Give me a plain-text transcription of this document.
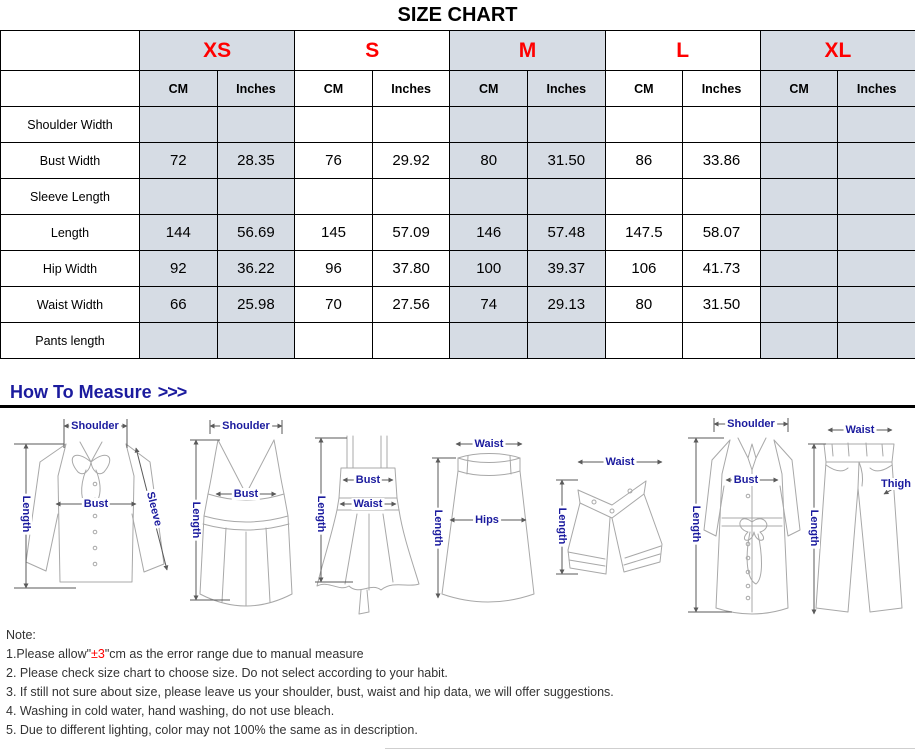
SIZE CHART
	XS		S		M		L		XL	
	CM	Inches	CM	Inches	CM	Inches	CM	Inches	CM	Inches
Shoulder Width										
Bust Width	72	28.35	76	29.92	80	31.50	86	33.86		
Sleeve Length										
Length	144	56.69	145	57.09	146	57.48	147.5	58.07		
Hip Width	92	36.22	96	37.80	100	39.37	106	41.73		
Waist Width	66	25.98	70	27.56	74	29.13	80	31.50		
Pants length										
How To Measure >>>
Shoulder
Length	Bust	Sleeve
Shoulder
Length
Bust
Length
Bust
Waist
Waist
Hips
Length
Waist
Length
Shoulder
Length
Bust
Waist
Length
Thigh
Note:
1.Please allow"±3"cm as the error range due to manual measure
2. Please check size chart to choose size. Do not select according to your habit.
3. If still not sure about size, please leave us your shoulder, bust, waist and hip data, we will offer suggestions.
4. Washing in cold water, hand washing, do not use bleach.
5. Due to different lighting, color may not 100% the same as in description.
